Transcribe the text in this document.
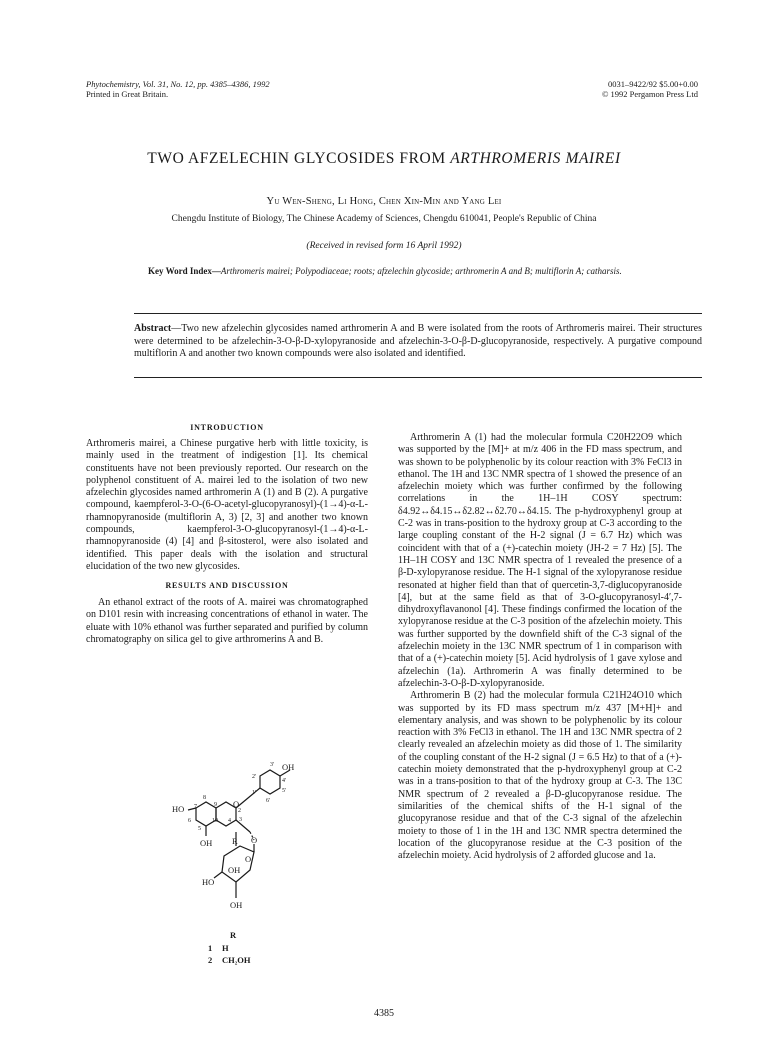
Phytochemistry, Vol. 31, No. 12, pp. 4385–4386, 1992
Printed in Great Britain.
0031–9422/92 $5.00+0.00
© 1992 Pergamon Press Ltd
TWO AFZELECHIN GLYCOSIDES FROM ARTHROMERIS MAIREI
Yu Wen-Sheng, Li Hong, Chen Xin-Min and Yang Lei
Chengdu Institute of Biology, The Chinese Academy of Sciences, Chengdu 610041, People's Republic of China
(Received in revised form 16 April 1992)
Key Word Index—Arthromeris mairei; Polypodiaceae; roots; afzelechin glycoside; arthromerin A and B; multiflorin A; catharsis.
Abstract—Two new afzelechin glycosides named arthromerin A and B were isolated from the roots of Arthromeris mairei. Their structures were determined to be afzelechin-3-O-β-D-xylopyranoside and afzelechin-3-O-β-D-glucopyranoside, respectively. A purgative compound multiflorin A and another two known compounds were also isolated and identified.
INTRODUCTION

Arthromeris mairei, a Chinese purgative herb with little toxicity, is mainly used in the treatment of indigestion [1]. Its chemical constituents have not been previously reported. Our research on the polyphenol constituent of A. mairei led to the isolation of two new afzelechin glycosides named arthromerin A (1) and B (2). A purgative compound, kaempferol-3-O-(6-O-acetyl-glucopyranosyl)-(1→4)-α-L-rhamnopyranoside (multiflorin A, 3) [2, 3] and another two known compounds, kaempferol-3-O-glucopyranosyl-(1→4)-α-L-rhamnopyranoside (4) [4] and β-sitosterol, were also isolated and identified. This paper deals with the isolation and structural elucidation of the two new glycosides.

RESULTS AND DISCUSSION

An ethanol extract of the roots of A. mairei was chromatographed on D101 resin with increasing concentrations of ethanol in water. The eluate with 10% ethanol was further separated and purified by column chromatography on silica gel to give arthromerins A and B.

OH
HO
OH R O
O
O
OH
HO
OH
8
7
6
5
10
9
4 3
2
1′
2′
3′
4′
5′
6′
R
1 H
2 CH₂OH

Arthromerin A (1) had the molecular formula C20H22O9 which was supported by the [M]+ at m/z 406 in the FD mass spectrum, and was shown to be polyphenolic by its colour reaction with 3% FeCl3 in ethanol. The 1H and 13C NMR spectra of 1 showed the presence of an afzelechin moiety which was further confirmed by the following correlations in the 1H–1H COSY spectrum: δ4.92↔δ4.15↔δ2.82↔δ2.70↔δ4.15. The p-hydroxyphenyl group at C-2 was in trans-position to the hydroxy group at C-3 according to the large coupling constant of the H-2 signal (J = 6.7 Hz) which was coincident with that of a (+)-catechin moiety (JH-2 = 7 Hz) [5]. The 1H–1H COSY and 13C NMR spectra of 1 revealed the presence of a β-D-xylopyranose residue. The H-1 signal of the xylopyranose residue resonated at higher field than that of quercetin-3,7-diglucopyranoside [4], but at the same field as that of 3-O-glucopyranosyl-4′,7-dihydroxyflavanonol [4]. These findings confirmed the location of the xylopyranose residue at the C-3 position of the afzelechin moiety. This was further supported by the downfield shift of the C-3 signal of the afzelechin moiety in the 13C NMR spectrum of 1 in comparison with that of a (+)-catechin moiety [5]. Acid hydrolysis of 1 gave xylose and afzelechin (1a). Arthromerin A was finally determined to be afzelechin-3-O-β-D-xylopyranoside.

Arthromerin B (2) had the molecular formula C21H24O10 which was supported by its FD mass spectrum m/z 437 [M+H]+ and elementary analysis, and was shown to be polyphenolic by its colour reaction with 3% FeCl3 in ethanol. The 1H and 13C NMR spectra of 2 clearly revealed an afzelechin moiety as did those of 1. The similarity of the coupling constant of the H-2 signal (J = 6.5 Hz) to that of a (+)-catechin moiety demonstrated that the p-hydroxyphenyl group at C-2 was in a trans-position to that of the hydroxy group at C-3. The 13C NMR spectrum of 2 revealed a β-D-glucopyranose residue. The similarities of the chemical shifts of the H-1 signal of the glucopyranose residue and that of the C-3 signal of the afzelechin moiety to those of 1 in the 1H and 13C NMR spectra determined the location of the glucopyranose residue at the C-3 position of the afzelechin moiety. Acid hydrolysis of 2 afforded glucose and 1a.

4385
